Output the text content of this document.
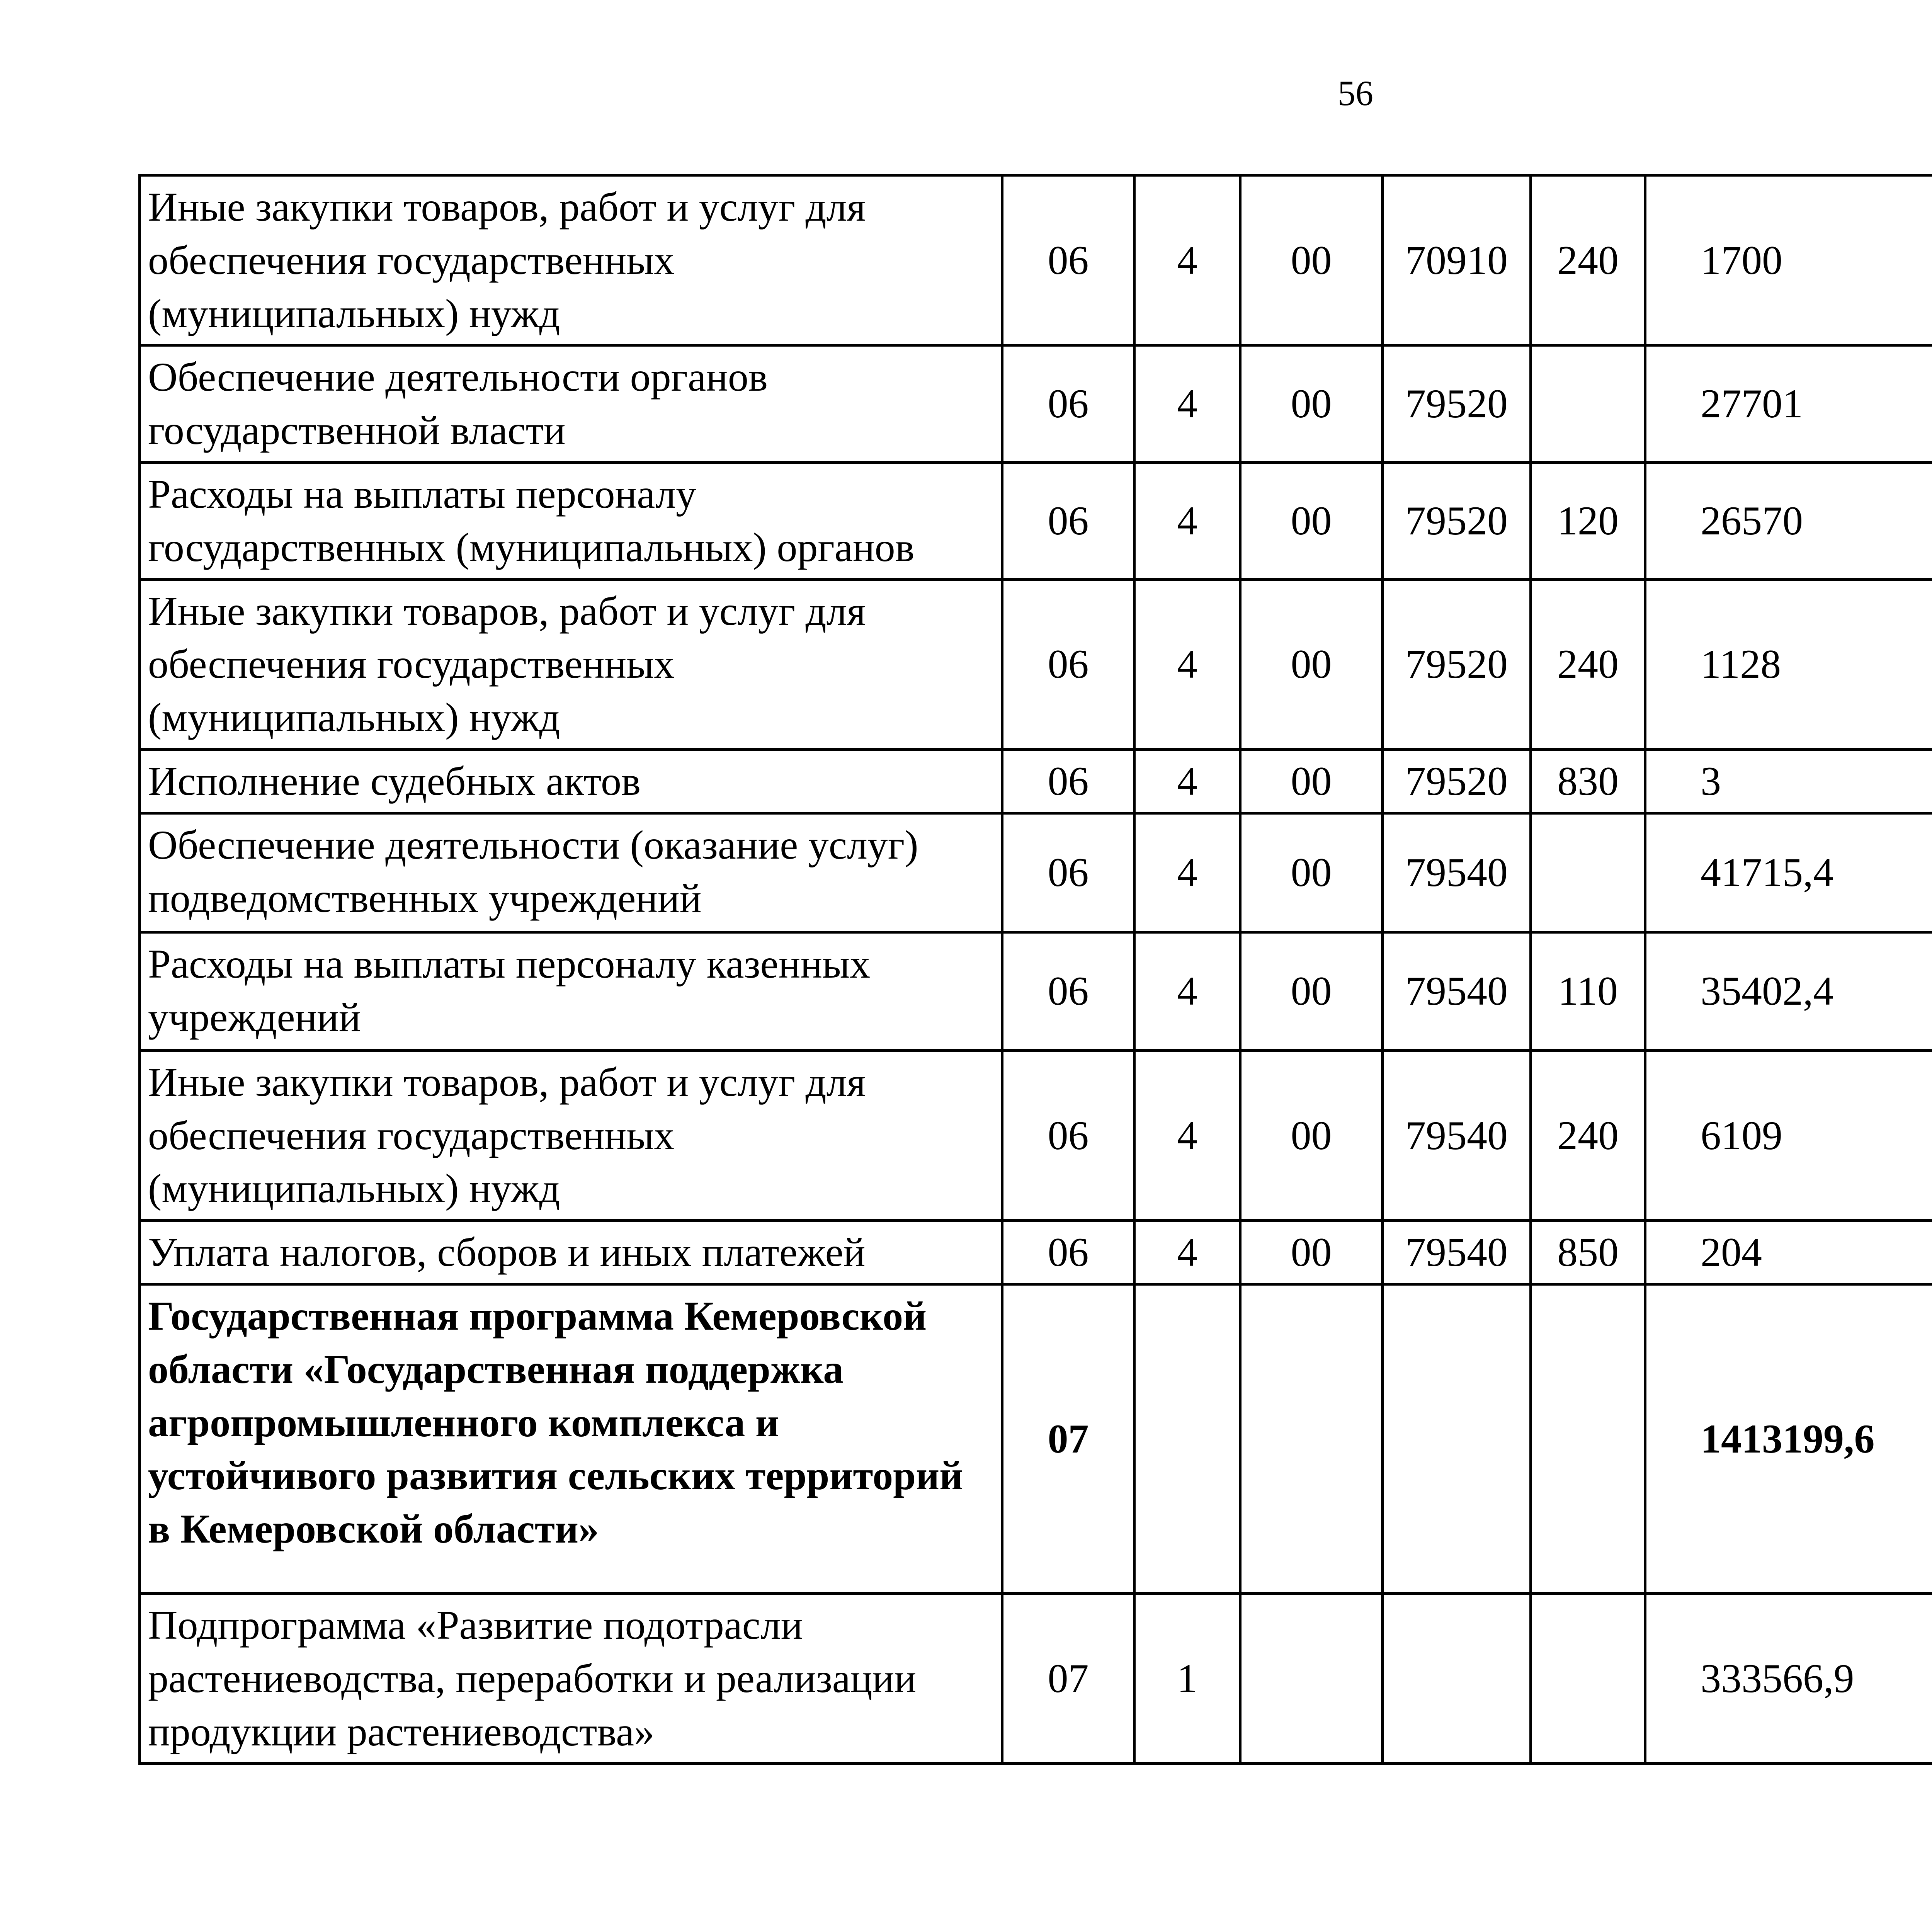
56
Иные закупки товаров, работ и услуг для обеспечения государственных (муниципальных) нужд	06	4	00	70910	240	1700		
Обеспечение деятельности органов государственной власти	06	4	00	79520		27701		
Расходы на выплаты персоналу государственных (муниципальных) органов	06	4	00	79520	120	26570		
Иные закупки товаров, работ и услуг для обеспечения государственных (муниципальных) нужд	06	4	00	79520	240	1128		
Исполнение судебных актов	06	4	00	79520	830	3		
Обеспечение деятельности (оказание услуг) подведомственных учреждений	06	4	00	79540		41715,4		
Расходы на выплаты персоналу казенных учреждений	06	4	00	79540	110	35402,4		
Иные закупки товаров, работ и услуг для обеспечения государственных (муниципальных) нужд	06	4	00	79540	240	6109		
Уплата налогов, сборов и иных платежей	06	4	00	79540	850	204		
Государственная программа Кемеровской области «Государственная поддержка агропромышленного комплекса и устойчивого развития сельских территорий в Кемеровской области»	07					1413199,6		
Подпрограмма «Развитие подотрасли растениеводства, переработки и реализации продукции растениеводства»	07	1				333566,9		
